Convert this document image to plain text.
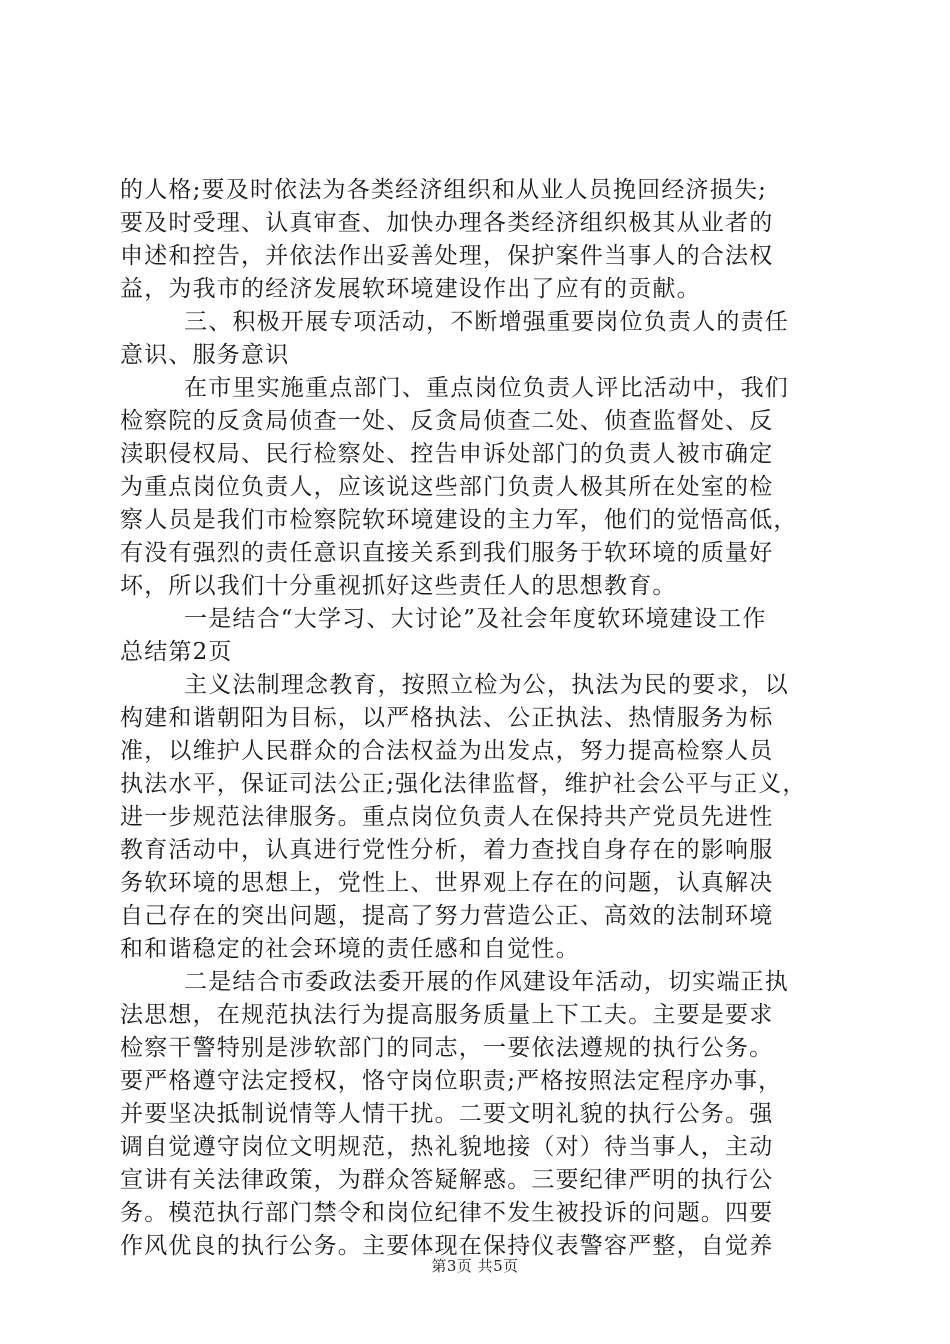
的人格;要及时依法为各类经济组织和从业人员挽回经济损失;
要及时受理、认真审查、加快办理各类经济组织极其从业者的
申述和控告，并依法作出妥善处理，保护案件当事人的合法权
益，为我市的经济发展软环境建设作出了应有的贡献。
三、积极开展专项活动，不断增强重要岗位负责人的责任
意识、服务意识
在市里实施重点部门、重点岗位负责人评比活动中，我们
检察院的反贪局侦查一处、反贪局侦查二处、侦查监督处、反
渎职侵权局、民行检察处、控告申诉处部门的负责人被市确定
为重点岗位负责人，应该说这些部门负责人极其所在处室的检
察人员是我们市检察院软环境建设的主力军，他们的觉悟高低，
有没有强烈的责任意识直接关系到我们服务于软环境的质量好
坏，所以我们十分重视抓好这些责任人的思想教育。
一是结合“大学习、大讨论”及社会年度软环境建设工作
总结第2页
主义法制理念教育，按照立检为公，执法为民的要求，以
构建和谐朝阳为目标，以严格执法、公正执法、热情服务为标
准，以维护人民群众的合法权益为出发点，努力提高检察人员
执法水平，保证司法公正;强化法律监督，维护社会公平与正义，
进一步规范法律服务。重点岗位负责人在保持共产党员先进性
教育活动中，认真进行党性分析，着力查找自身存在的影响服
务软环境的思想上，党性上、世界观上存在的问题，认真解决
自己存在的突出问题，提高了努力营造公正、高效的法制环境
和和谐稳定的社会环境的责任感和自觉性。
二是结合市委政法委开展的作风建设年活动，切实端正执
法思想，在规范执法行为提高服务质量上下工夫。主要是要求
检察干警特别是涉软部门的同志，一要依法遵规的执行公务。
要严格遵守法定授权，恪守岗位职责;严格按照法定程序办事，
并要坚决抵制说情等人情干扰。二要文明礼貌的执行公务。强
调自觉遵守岗位文明规范，热礼貌地接（对）待当事人，主动
宣讲有关法律政策，为群众答疑解惑。三要纪律严明的执行公
务。模范执行部门禁令和岗位纪律不发生被投诉的问题。四要
作风优良的执行公务。主要体现在保持仪表警容严整，自觉养
第3页 共5页
